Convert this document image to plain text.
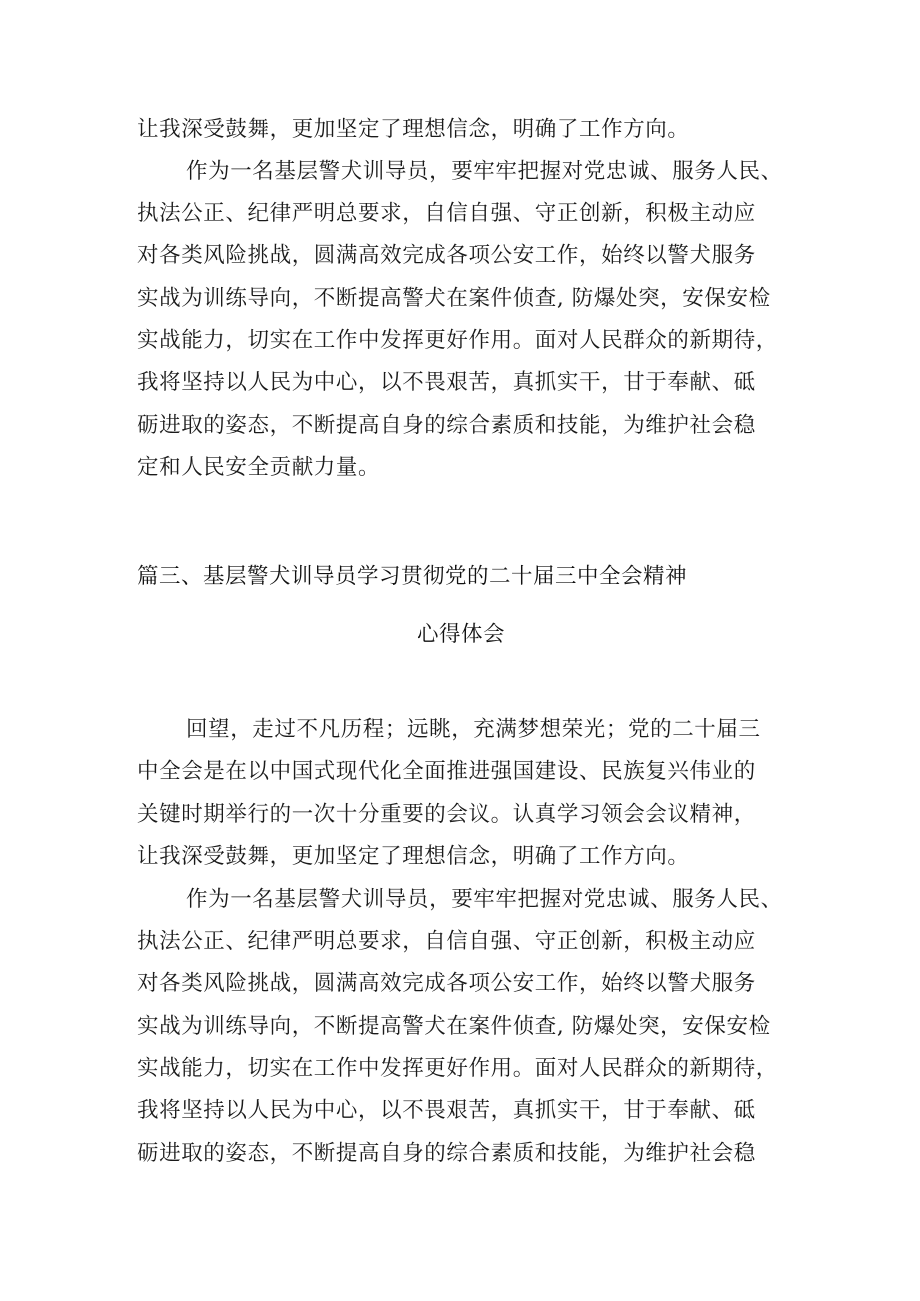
让我深受鼓舞，更加坚定了理想信念，明确了工作方向。
作为一名基层警犬训导员，要牢牢把握对党忠诚、服务人民、
执法公正、纪律严明总要求，自信自强、守正创新，积极主动应
对各类风险挑战，圆满高效完成各项公安工作，始终以警犬服务
实战为训练导向，不断提高警犬在案件侦查, 防爆处突，安保安检
实战能力，切实在工作中发挥更好作用。面对人民群众的新期待，
我将坚持以人民为中心，以不畏艰苦，真抓实干，甘于奉献、砥
砺进取的姿态，不断提高自身的综合素质和技能，为维护社会稳
定和人民安全贡献力量。
篇三、基层警犬训导员学习贯彻党的二十届三中全会精神
心得体会
回望，走过不凡历程；远眺，充满梦想荣光；党的二十届三
中全会是在以中国式现代化全面推进强国建设、民族复兴伟业的
关键时期举行的一次十分重要的会议。认真学习领会会议精神，
让我深受鼓舞，更加坚定了理想信念，明确了工作方向。
作为一名基层警犬训导员，要牢牢把握对党忠诚、服务人民、
执法公正、纪律严明总要求，自信自强、守正创新，积极主动应
对各类风险挑战，圆满高效完成各项公安工作，始终以警犬服务
实战为训练导向，不断提高警犬在案件侦查, 防爆处突，安保安检
实战能力，切实在工作中发挥更好作用。面对人民群众的新期待，
我将坚持以人民为中心，以不畏艰苦，真抓实干，甘于奉献、砥
砺进取的姿态，不断提高自身的综合素质和技能，为维护社会稳
